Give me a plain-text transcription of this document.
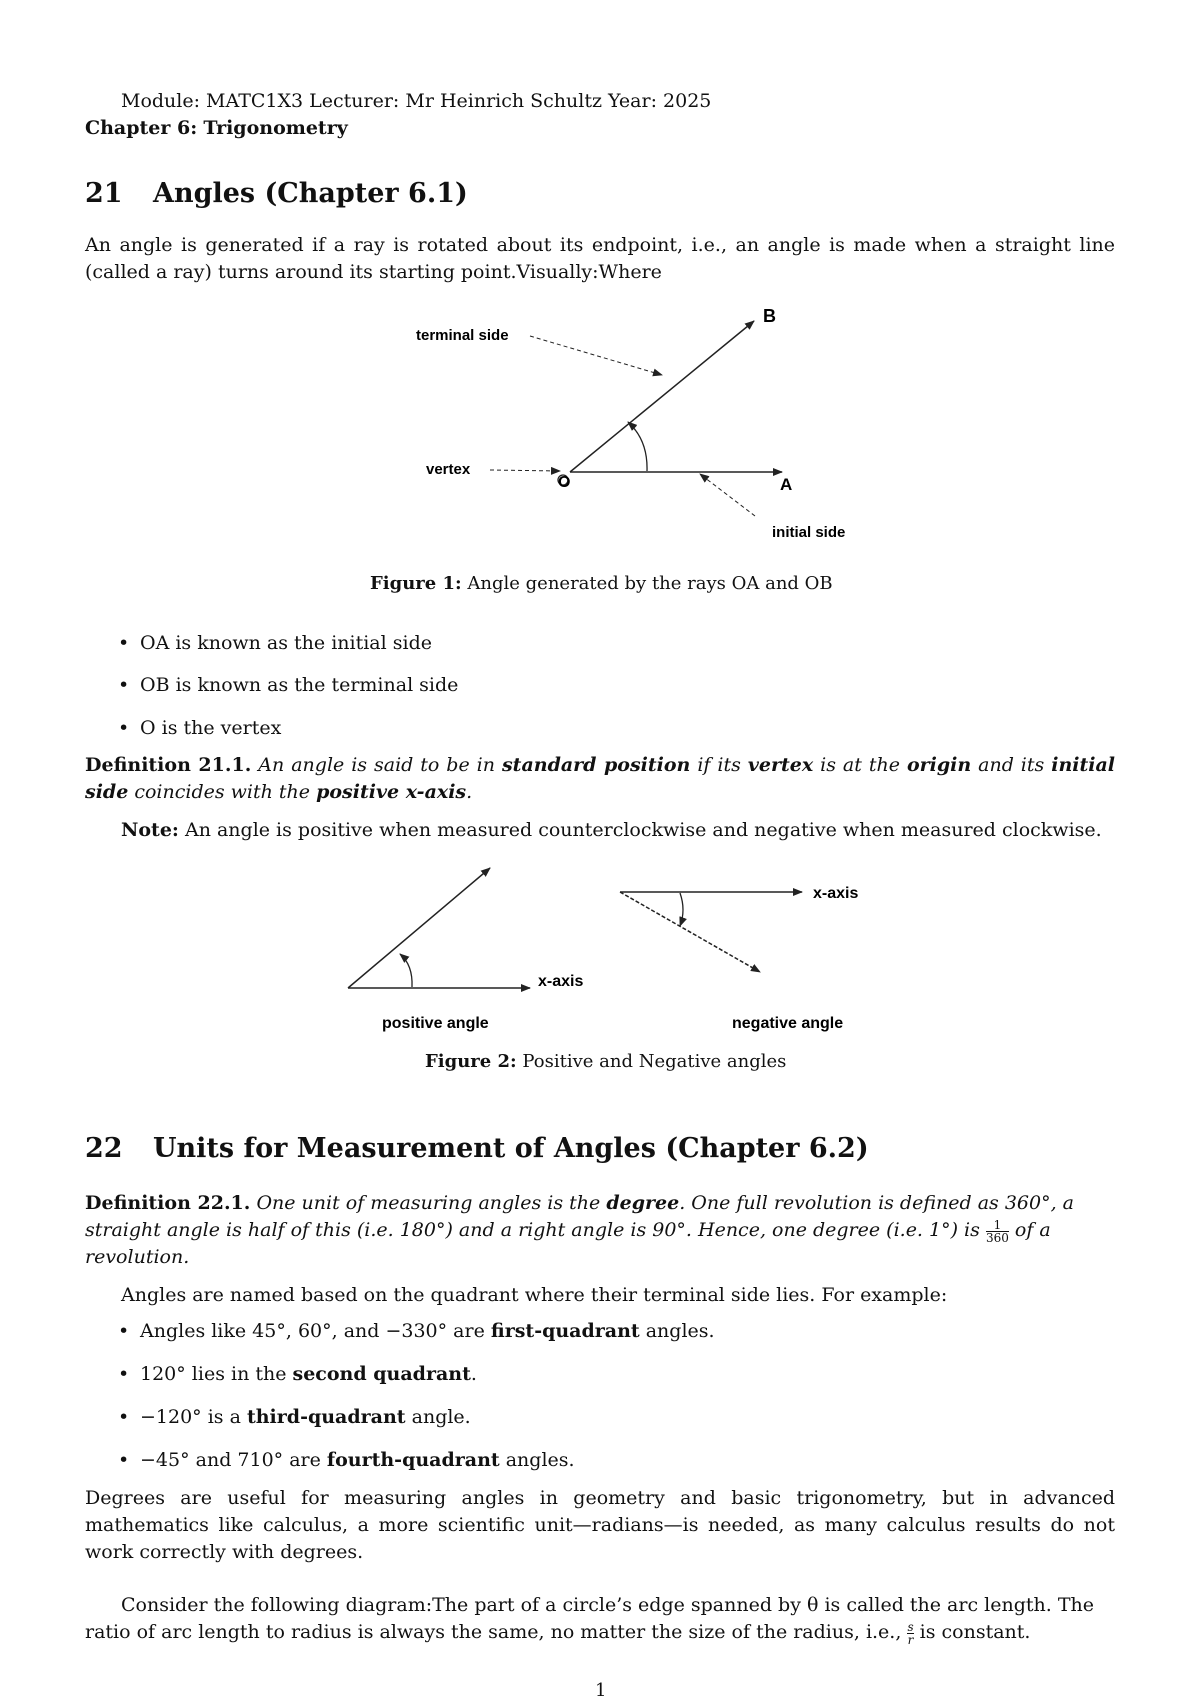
Module: MATC1X3 Lecturer: Mr Heinrich Schultz Year: 2025
Chapter 6: Trigonometry
21 Angles (Chapter 6.1)
An angle is generated if a ray is rotated about its endpoint, i.e., an angle is made when a straight line (called a ray) turns around its starting point.Visually:Where
B
A
O
terminal side
vertex
initial side
Figure 1: Angle generated by the rays OA and OB
• OA is known as the initial side
• OB is known as the terminal side
• O is the vertex
Definition 21.1. An angle is said to be in standard position if its vertex is at the origin and its initial side coincides with the positive x-axis.
Note: An angle is positive when measured counterclockwise and negative when measured clockwise.
x-axis
positive angle
x-axis
negative angle
Figure 2: Positive and Negative angles
22 Units for Measurement of Angles (Chapter 6.2)
Definition 22.1. One unit of measuring angles is the degree. One full revolution is defined as 360°, a
straight angle is half of this (i.e. 180°) and a right angle is 90°. Hence, one degree (i.e. 1°) is $\frac{1}{360}$ of a
revolution.
Angles are named based on the quadrant where their terminal side lies. For example:
• Angles like 45°, 60°, and −330° are first-quadrant angles.
• 120° lies in the second quadrant.
• −120° is a third-quadrant angle.
• −45° and 710° are fourth-quadrant angles.
Degrees are useful for measuring angles in geometry and basic trigonometry, but in advanced mathematics like calculus, a more scientific unit—radians—is needed, as many calculus results do not work correctly with degrees.
Consider the following diagram:The part of a circle’s edge spanned by θ is called the arc length. The
ratio of arc length to radius is always the same, no matter the size of the radius, i.e., $\frac{s}{r}$ is constant.
1
